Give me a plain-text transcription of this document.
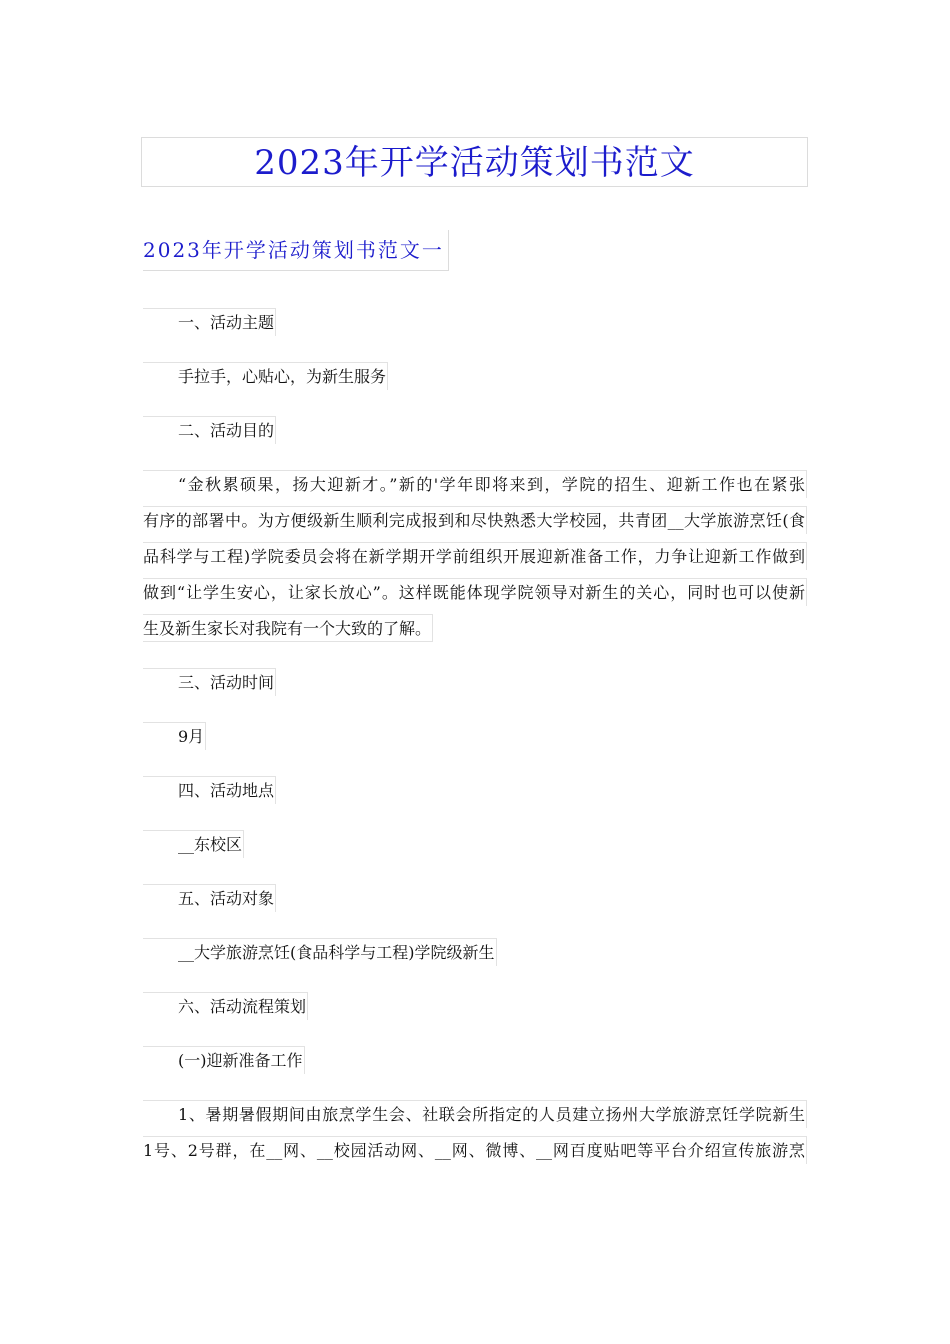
2023年开学活动策划书范文
2023年开学活动策划书范文一
一、活动主题
手拉手，心贴心，为新生服务
二、活动目的
“金秋累硕果，扬大迎新才。”新的'学年即将来到，学院的招生、迎新工作也在紧张
有序的部署中。为方便级新生顺利完成报到和尽快熟悉大学校园，共青团__大学旅游烹饪(食
品科学与工程)学院委员会将在新学期开学前组织开展迎新准备工作，力争让迎新工作做到
做到“让学生安心，让家长放心”。这样既能体现学院领导对新生的关心，同时也可以使新
生及新生家长对我院有一个大致的了解。
三、活动时间
9月
四、活动地点
__东校区
五、活动对象
__大学旅游烹饪(食品科学与工程)学院级新生
六、活动流程策划
(一)迎新准备工作
1、暑期暑假期间由旅烹学生会、社联会所指定的人员建立扬州大学旅游烹饪学院新生
1号、2号群，在__网、__校园活动网、__网、微博、__网百度贴吧等平台介绍宣传旅游烹
